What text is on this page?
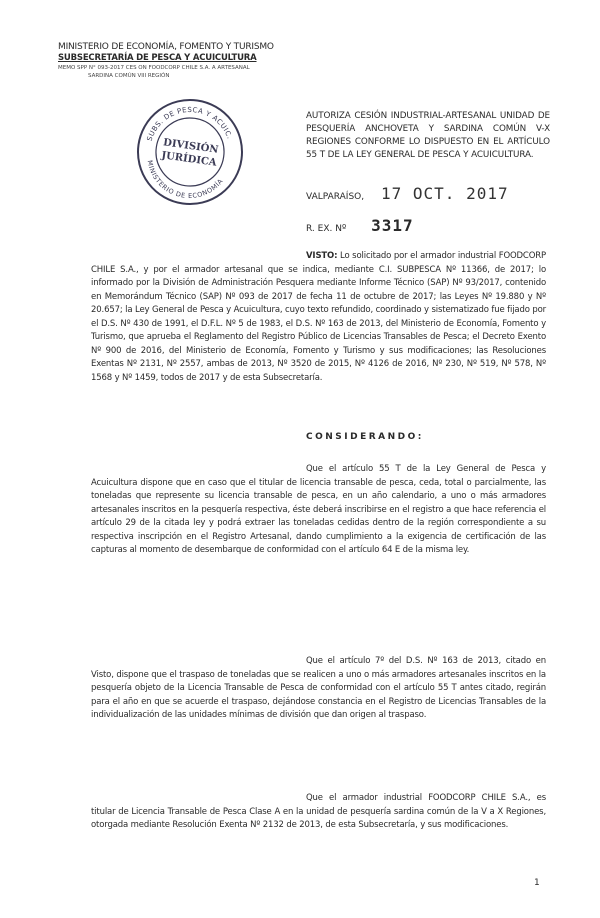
MINISTERIO DE ECONOMÍA, FOMENTO Y TURISMO
SUBSECRETARÍA DE PESCA Y ACUICULTURA
MEMO SPP N° 093-2017 CES ON FOODCORP CHILE S.A. A ARTESANAL
SARDINA COMÚN VIII REGIÓN
SUBS. DE PESCA Y ACUIC.
MINISTERIO DE ECONOMÍA
DIVISIÓN
JURÍDICA
AUTORIZA CESIÓN INDUSTRIAL-ARTESANAL UNIDAD DE PESQUERÍA ANCHOVETA Y SARDINA COMÚN V-X REGIONES CONFORME LO DISPUESTO EN EL ARTÍCULO 55 T DE LA LEY GENERAL DE PESCA Y ACUICULTURA.
VALPARAÍSO, 17 OCT. 2017
R. EX. Nº 3317
VISTO: Lo solicitado por el armador industrial FOODCORP CHILE S.A., y por el armador artesanal que se indica, mediante C.I. SUBPESCA Nº 11366, de 2017; lo informado por la División de Administración Pesquera mediante Informe Técnico (SAP) Nº 93/2017, contenido en Memorándum Técnico (SAP) Nº 093 de 2017 de fecha 11 de octubre de 2017; las Leyes Nº 19.880 y Nº 20.657; la Ley General de Pesca y Acuicultura, cuyo texto refundido, coordinado y sistematizado fue fijado por el D.S. Nº 430 de 1991, el D.F.L. Nº 5 de 1983, el D.S. Nº 163 de 2013, del Ministerio de Economía, Fomento y Turismo, que aprueba el Reglamento del Registro Público de Licencias Transables de Pesca; el Decreto Exento Nº 900 de 2016, del Ministerio de Economía, Fomento y Turismo y sus modificaciones; las Resoluciones Exentas Nº 2131, Nº 2557, ambas de 2013, Nº 3520 de 2015, Nº 4126 de 2016, Nº 230, Nº 519, Nº 578, Nº 1568 y Nº 1459, todos de 2017 y de esta Subsecretaría.
CONSIDERANDO:
Que el artículo 55 T de la Ley General de Pesca y Acuicultura dispone que en caso que el titular de licencia transable de pesca, ceda, total o parcialmente, las toneladas que represente su licencia transable de pesca, en un año calendario, a uno o más armadores artesanales inscritos en la pesquería respectiva, éste deberá inscribirse en el registro a que hace referencia el artículo 29 de la citada ley y podrá extraer las toneladas cedidas dentro de la región correspondiente a su respectiva inscripción en el Registro Artesanal, dando cumplimiento a la exigencia de certificación de las capturas al momento de desembarque de conformidad con el artículo 64 E de la misma ley.
Que el artículo 7º del D.S. Nº 163 de 2013, citado en Visto, dispone que el traspaso de toneladas que se realicen a uno o más armadores artesanales inscritos en la pesquería objeto de la Licencia Transable de Pesca de conformidad con el artículo 55 T antes citado, regirán para el año en que se acuerde el traspaso, dejándose constancia en el Registro de Licencias Transables de la individualización de las unidades mínimas de división que dan origen al traspaso.
Que el armador industrial FOODCORP CHILE S.A., es titular de Licencia Transable de Pesca Clase A en la unidad de pesquería sardina común de la V a X Regiones, otorgada mediante Resolución Exenta Nº 2132 de 2013, de esta Subsecretaría, y sus modificaciones.
1
